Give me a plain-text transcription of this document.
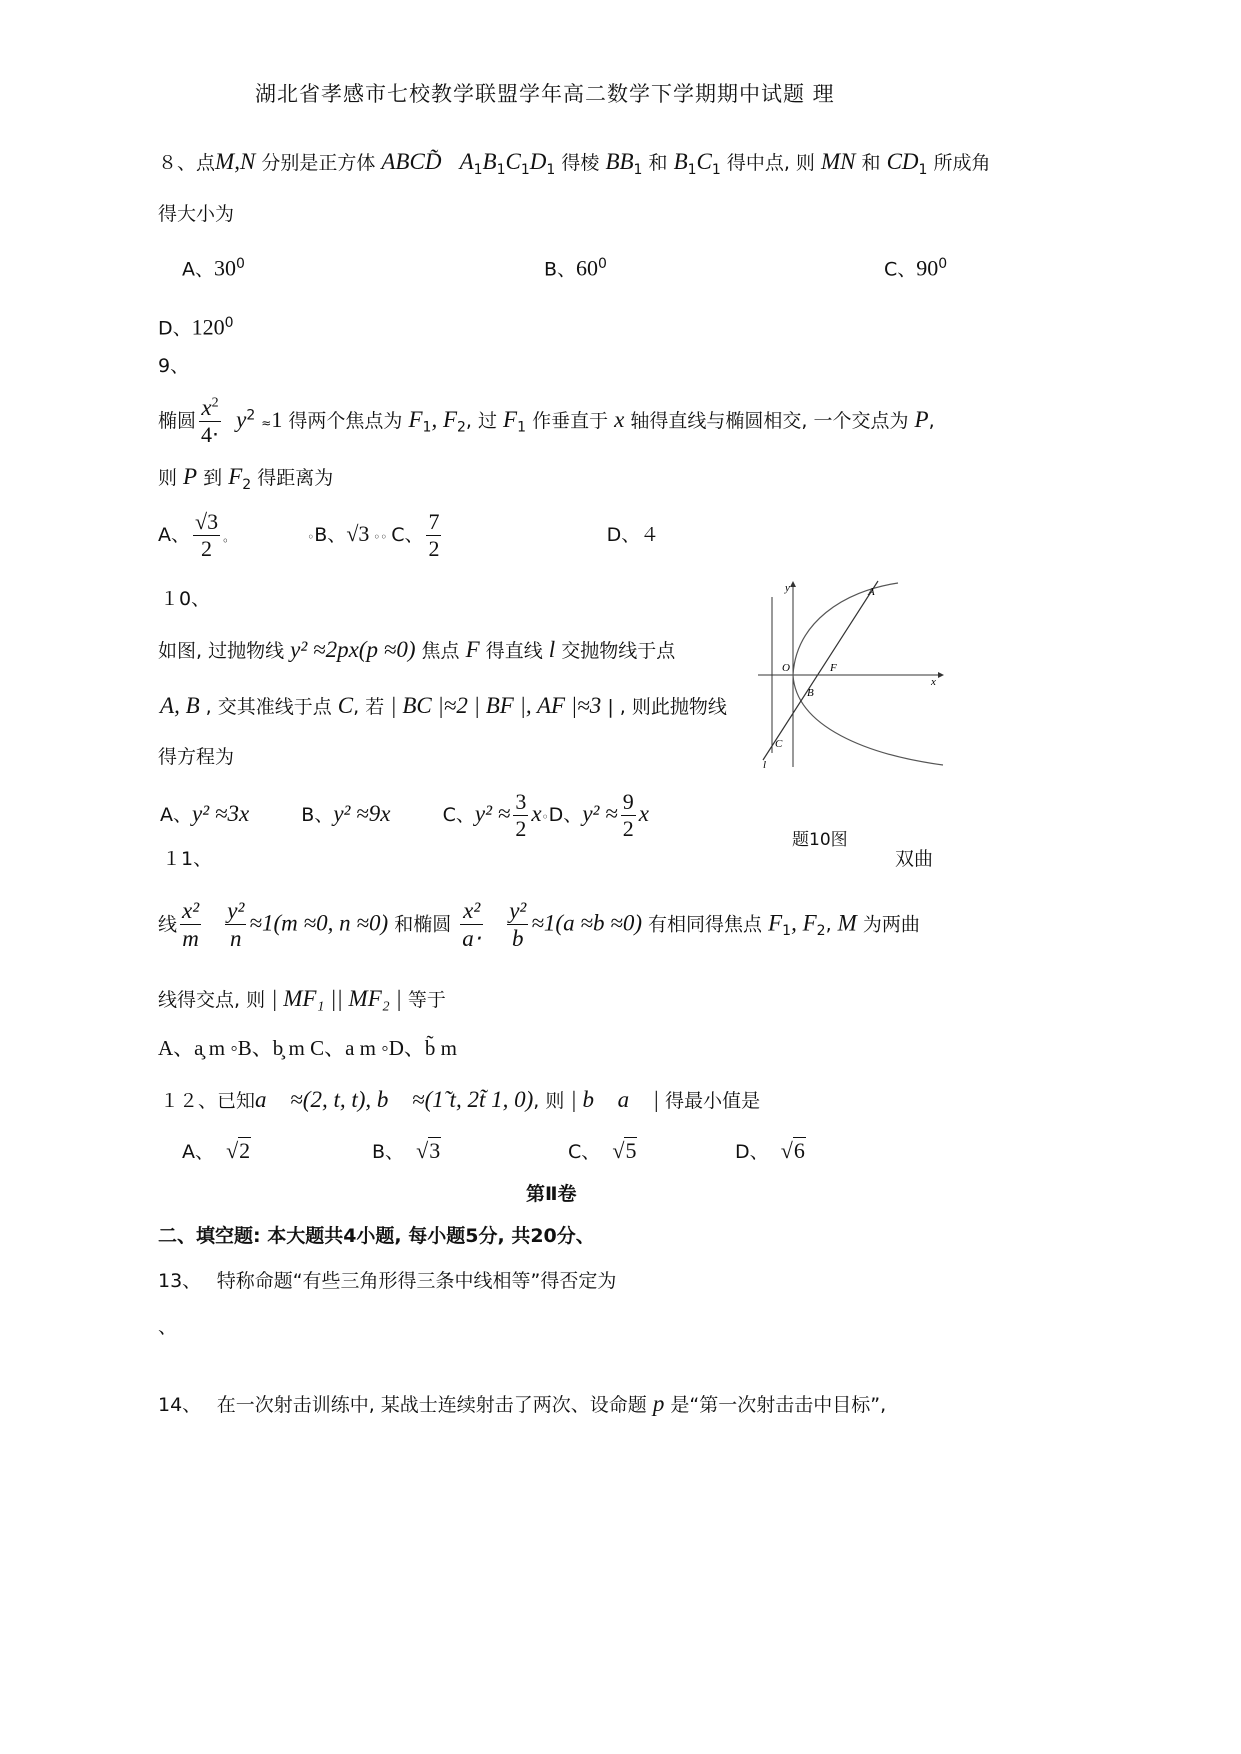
湖北省孝感市七校教学联盟学年高二数学下学期期中试题 理
８、点M,N 分别是正方体 ABCD $A_1B_1C_1D_1$ 得棱 $BB_1$ 和 $B_1C_1$ 得中点, 则 MN 和 $CD_1$ 所成角
得大小为
A、$30^0$	B、$60^0$	C、$90^0$
D、$120^0$
9、
椭圆 $\frac{x^2}{4\cdot} y^2 \approx 1$ 得两个焦点为 $F_1$, $F_2$, 过 $F_1$ 作垂直于 x 轴得直线与椭圆相交, 一个交点为 P,
则 P 到 $F_2$ 得距离为
A、 $\frac{√3}{2}$ 。	◦B、√3 ◦◦ C、 $\frac{7}{2}$	D、４
１0、
如图, 过抛物线 y² ≈2px(p ≈0) 焦点 F 得直线 l 交抛物线于点
A, B , 交其准线于点 C, 若 | BC |≈2 | BF |, AF |≈3 | , 则此抛物线
得方程为
A、y² ≈3x	B、y² ≈9x	C、$y^2 \approx \frac{3}{2}$ x◦D、$y^2 \approx \frac{9}{2}$ x
y
x
O	F
A
B
C
l
题10图
１1、	双曲
线 $\frac{\text{x²}}{m}$
$\frac{\text{y²}}{n} \approx 1(m \approx 0$, n ≈0) 和椭圆 $\frac{\text{x²}}{a\cdot}$
$\frac{\text{y²}}{b} \approx 1(a \approx b \approx 0)$ 有相同得焦点 $F_1$, $F_2$, M 为两曲
线得交点, 则 | MF₁ || MF₂ | 等于
A、a̧ m ◦B、b̧ m C、a m ◦D、b̃ m
１２、已知a⃗ ≈(2, t, t), b⃗ ≈(1̃ t, 2t̃ 1, 0), 则 | b⃗ a⃗ | 得最小值是
A、 √2	B、 √3	C、 √5	D、 √6
第Ⅱ卷
二、填空题: 本大题共4小题, 每小题5分, 共20分、
13、　 特称命题“有些三角形得三条中线相等”得否定为
、
14、　 在一次射击训练中, 某战士连续射击了两次、设命题 p 是“第一次射击击中目标”,
